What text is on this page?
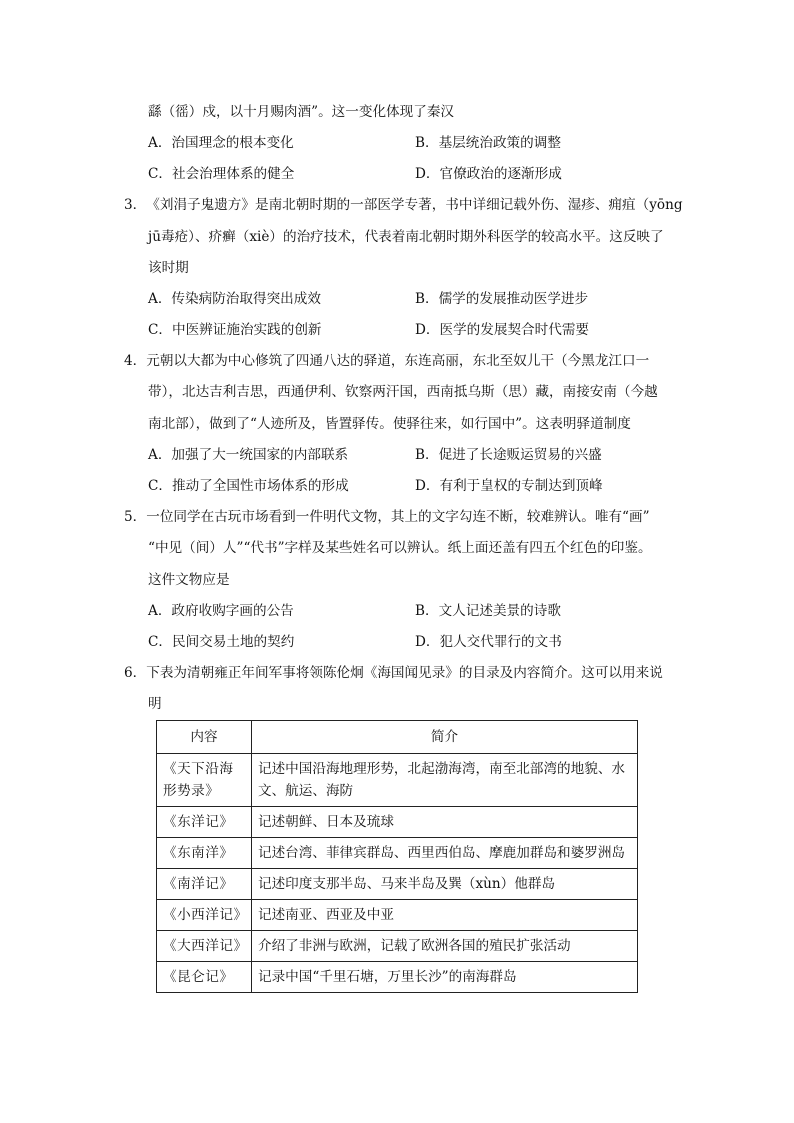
繇（徭）戍，以十月赐肉酒”。这一变化体现了秦汉
A．治国理念的根本变化	B．基层统治政策的调整
C．社会治理体系的健全	D．官僚政治的逐渐形成
3．《刘涓子鬼遗方》是南北朝时期的一部医学专著，书中详细记载外伤、湿疹、痈疽（yōng
jū毒疮）、疥癣（xiè）的治疗技术，代表着南北朝时期外科医学的较高水平。这反映了
该时期
A．传染病防治取得突出成效	B．儒学的发展推动医学进步
C．中医辨证施治实践的创新	D．医学的发展契合时代需要
4．元朝以大都为中心修筑了四通八达的驿道，东连高丽，东北至奴儿干（今黑龙江口一
带），北达吉利吉思，西通伊利、钦察两汗国，西南抵乌斯（思）藏，南接安南（今越
南北部），做到了“人迹所及，皆置驿传。使驿往来，如行国中”。这表明驿道制度
A．加强了大一统国家的内部联系	B．促进了长途贩运贸易的兴盛
C．推动了全国性市场体系的形成	D．有利于皇权的专制达到顶峰
5．一位同学在古玩市场看到一件明代文物，其上的文字勾连不断，较难辨认。唯有“画”
“中见（间）人”“代书”字样及某些姓名可以辨认。纸上面还盖有四五个红色的印鉴。
这件文物应是
A．政府收购字画的公告	B．文人记述美景的诗歌
C．民间交易土地的契约	D．犯人交代罪行的文书
6．下表为清朝雍正年间军事将领陈伦炯《海国闻见录》的目录及内容简介。这可以用来说
明
内容	简介
《天下沿海形势录》	记述中国沿海地理形势，北起渤海湾，南至北部湾的地貌、水文、航运、海防
《东洋记》	记述朝鲜、日本及琉球
《东南洋》	记述台湾、菲律宾群岛、西里西伯岛、摩鹿加群岛和婆罗洲岛
《南洋记》	记述印度支那半岛、马来半岛及巽（xùn）他群岛
《小西洋记》	记述南亚、西亚及中亚
《大西洋记》	介绍了非洲与欧洲，记载了欧洲各国的殖民扩张活动
《昆仑记》	记录中国“千里石塘，万里长沙”的南海群岛
